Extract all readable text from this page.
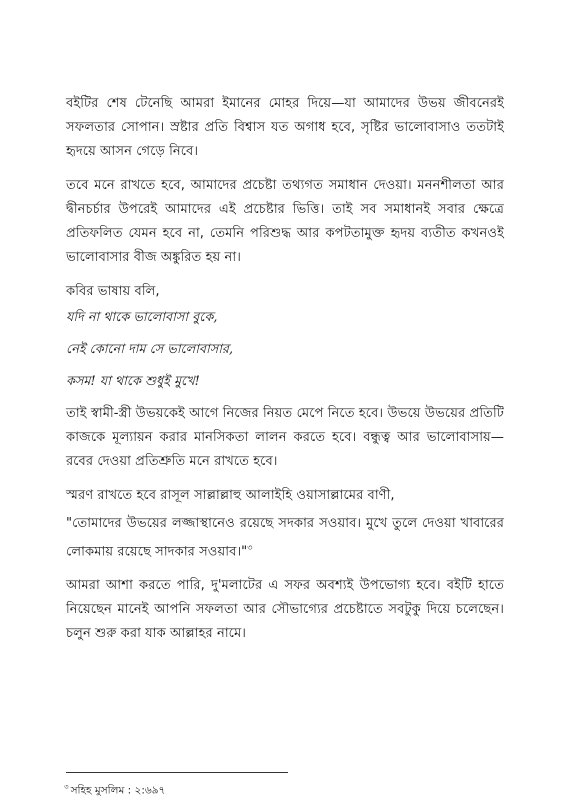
বইটির শেষ টেনেছি আমরা ইমানের মোহর দিয়ে—যা আমাদের উভয় জীবনেরই সফলতার সোপান। স্রষ্টার প্রতি বিশ্বাস যত অগাধ হবে, সৃষ্টির ভালোবাসাও ততটাই হৃদয়ে আসন গেড়ে নিবে।

তবে মনে রাখতে হবে, আমাদের প্রচেষ্টা তথ্যগত সমাধান দেওয়া। মননশীলতা আর দ্বীনচর্চার উপরেই আমাদের এই প্রচেষ্টার ভিত্তি। তাই সব সমাধানই সবার ক্ষেত্রে প্রতিফলিত যেমন হবে না, তেমনি পরিশুদ্ধ আর কপটতামুক্ত হৃদয় ব্যতীত কখনওই ভালোবাসার বীজ অঙ্কুরিত হয় না।

কবির ভাষায় বলি,

যদি না থাকে ভালোবাসা বুকে,

নেই কোনো দাম সে ভালোবাসার,

কসম! যা থাকে শুধুই মুখে!

তাই স্বামী-স্ত্রী উভয়কেই আগে নিজের নিয়ত মেপে নিতে হবে। উভয়ে উভয়ের প্রতিটি কাজকে মূল্যায়ন করার মানসিকতা লালন করতে হবে। বন্ধুত্ব আর ভালোবাসায়—রবের দেওয়া প্রতিশ্রুতি মনে রাখতে হবে।

স্মরণ রাখতে হবে রাসূল সাল্লাল্লাহু আলাইহি ওয়াসাল্লামের বাণী,

"তোমাদের উভয়ের লজ্জাস্থানেও রয়েছে সদকার সওয়াব। মুখে তুলে দেওয়া খাবারের লোকমায় রয়েছে সাদকার সওয়াব।"$^৩$

আমরা আশা করতে পারি, দু'মলাটের এ সফর অবশ্যই উপভোগ্য হবে। বইটি হাতে নিয়েছেন মানেই আপনি সফলতা আর সৌভাগ্যের প্রচেষ্টাতে সবটুকু দিয়ে চলেছেন। চলুন শুরু করা যাক আল্লাহর নামে।

$^৩$ সহিহ মুসলিম : ২:৬৯৭
